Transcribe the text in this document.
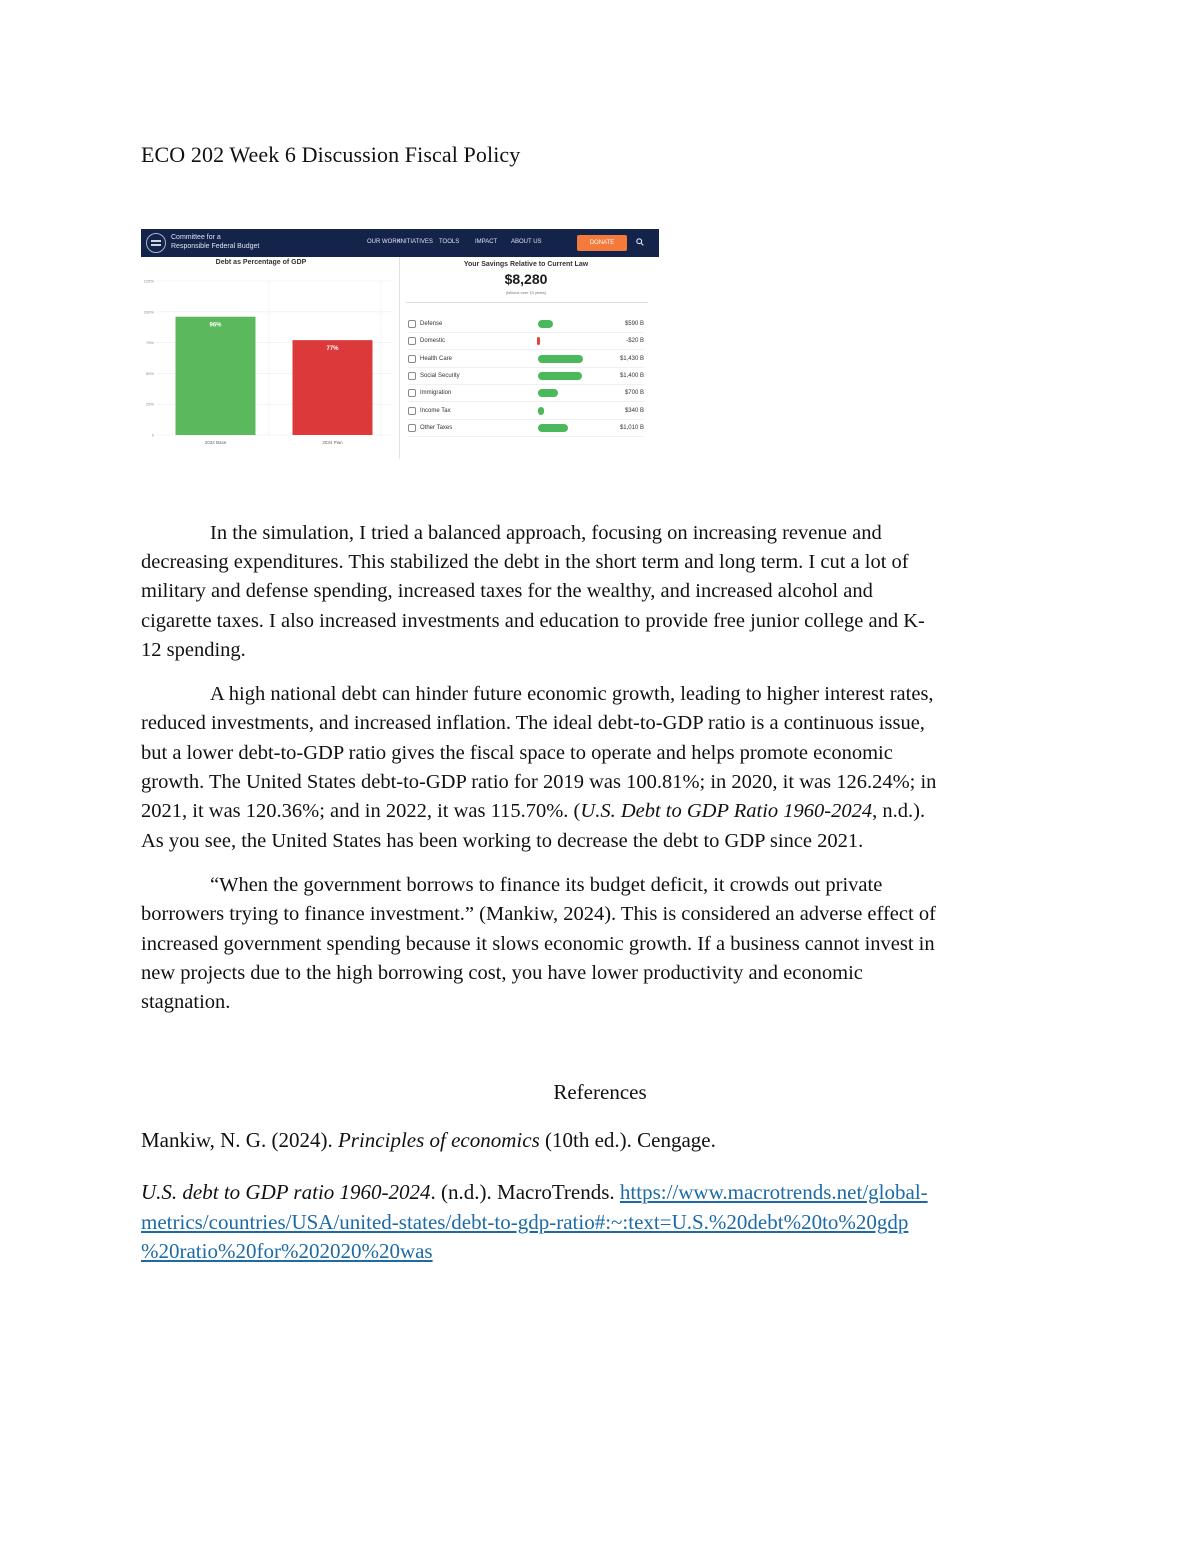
ECO 202 Week 6 Discussion Fiscal Policy
Committee for a
Responsible Federal Budget
OUR WORK
INITIATIVES TOOLS	IMPACT ABOUT US	DONATE
Debt as Percentage of GDP
0
25%
50%
75%
100%
125%
96%
77%
2034 Base	2034 Plan
Your Savings Relative to Current Law
$8,280
(billions over 10 years)
Defense	$590 B
Domestic	-$20 B
Health Care	$1,430 B
Social Security	$1,400 B
Immigration	$700 B
Income Tax	$340 B
Other Taxes	$1,010 B
In the simulation, I tried a balanced approach, focusing on increasing revenue and
decreasing expenditures. This stabilized the debt in the short term and long term. I cut a lot of
military and defense spending, increased taxes for the wealthy, and increased alcohol and
cigarette taxes. I also increased investments and education to provide free junior college and K-
12 spending.
A high national debt can hinder future economic growth, leading to higher interest rates,
reduced investments, and increased inflation. The ideal debt-to-GDP ratio is a continuous issue,
but a lower debt-to-GDP ratio gives the fiscal space to operate and helps promote economic
growth. The United States debt-to-GDP ratio for 2019 was 100.81%; in 2020, it was 126.24%; in
2021, it was 120.36%; and in 2022, it was 115.70%. (U.S. Debt to GDP Ratio 1960-2024, n.d.).
As you see, the United States has been working to decrease the debt to GDP since 2021.
“When the government borrows to finance its budget deficit, it crowds out private
borrowers trying to finance investment.” (Mankiw, 2024). This is considered an adverse effect of
increased government spending because it slows economic growth. If a business cannot invest in
new projects due to the high borrowing cost, you have lower productivity and economic
stagnation.
References
Mankiw, N. G. (2024). Principles of economics (10th ed.). Cengage.
U.S. debt to GDP ratio 1960-2024. (n.d.). MacroTrends. https://www.macrotrends.net/global-
metrics/countries/USA/united-states/debt-to-gdp-ratio#:~:text=U.S.%20debt%20to%20gdp
%20ratio%20for%202020%20was
